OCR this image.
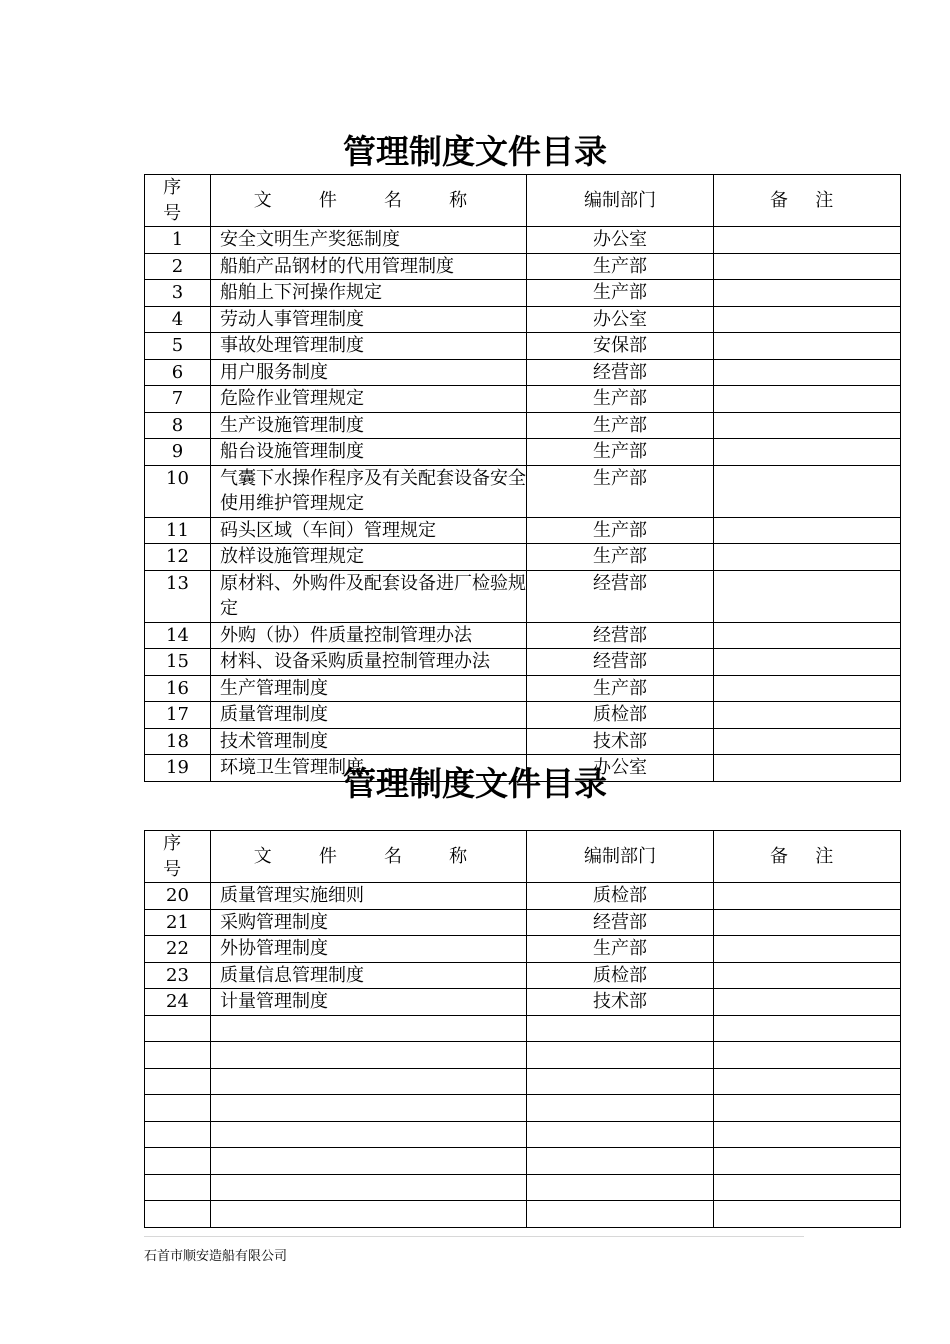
管理制度文件目录
序 号	文 件 名 称	编制部门	备 注
1	安全文明生产奖惩制度	办公室	
2	船舶产品钢材的代用管理制度	生产部	
3	船舶上下河操作规定	生产部	
4	劳动人事管理制度	办公室	
5	事故处理管理制度	安保部	
6	用户服务制度	经营部	
7	危险作业管理规定	生产部	
8	生产设施管理制度	生产部	
9	船台设施管理制度	生产部	
10	气囊下水操作程序及有关配套设备安全使用维护管理规定	生产部	
11	码头区域（车间）管理规定	生产部	
12	放样设施管理规定	生产部	
13	原材料、外购件及配套设备进厂检验规定	经营部	
14	外购（协）件质量控制管理办法	经营部	
15	材料、设备采购质量控制管理办法	经营部	
16	生产管理制度	生产部	
17	质量管理制度	质检部	
18	技术管理制度	技术部	
19	环境卫生管理制度	办公室	
管理制度文件目录
序 号	文 件 名 称	编制部门	备 注
20	质量管理实施细则	质检部	
21	采购管理制度	经营部	
22	外协管理制度	生产部	
23	质量信息管理制度	质检部	
24	计量管理制度	技术部	

石首市顺安造船有限公司
